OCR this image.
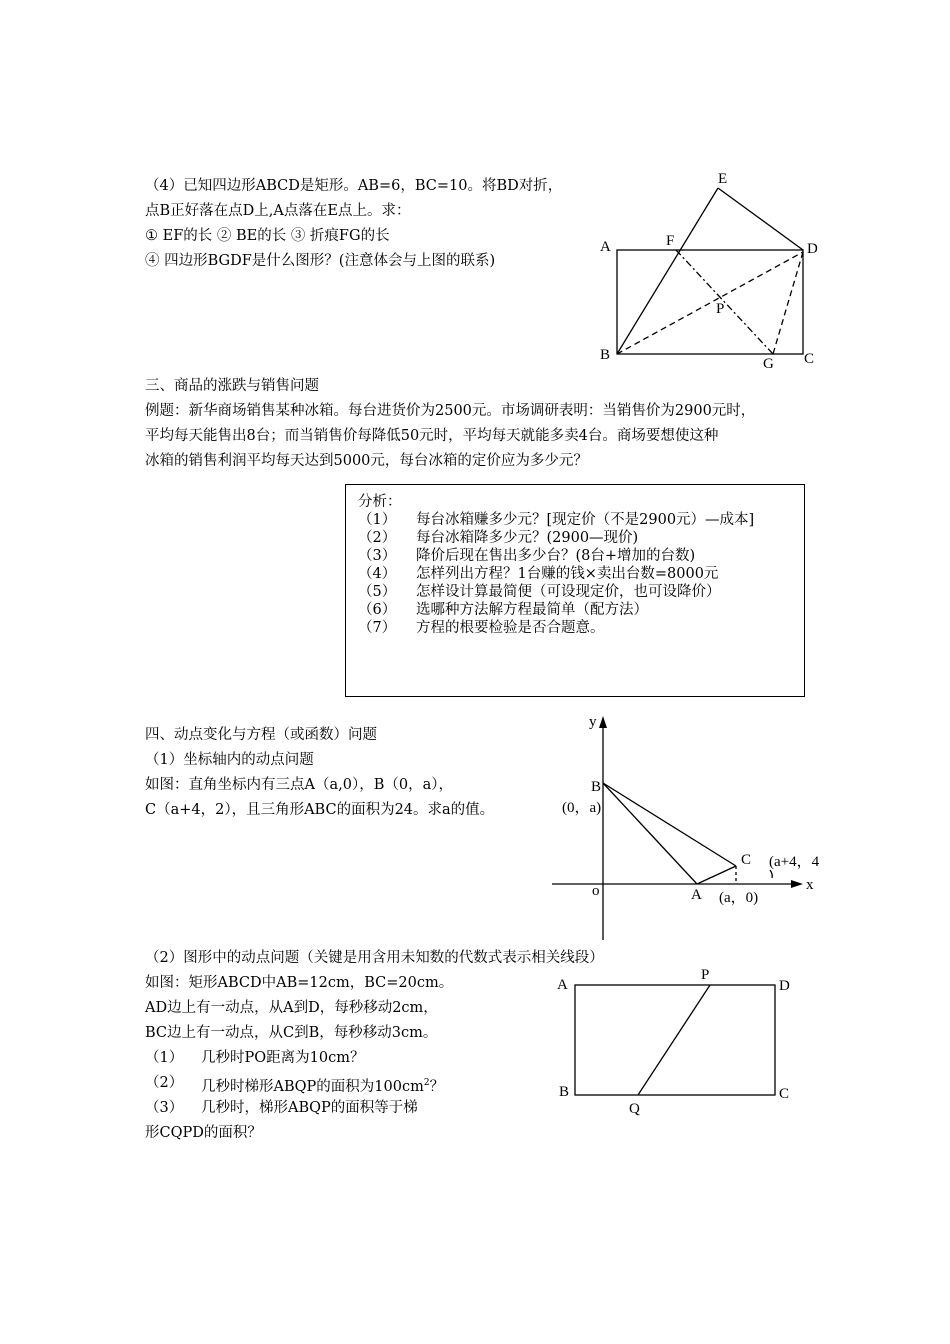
（4）已知四边形ABCD是矩形。AB=6，BC=10。将BD对折，
点B正好落在点D上,A点落在E点上。求：
① EF的长 ② BE的长 ③ 折痕FG的长
④ 四边形BGDF是什么图形？(注意体会与上图的联系)
E
A	F	D
P
B
G C
三、商品的涨跌与销售问题
例题：新华商场销售某种冰箱。每台进货价为2500元。市场调研表明：当销售价为2900元时，
平均每天能售出8台；而当销售价每降低50元时，平均每天就能多卖4台。商场要想使这种
冰箱的销售利润平均每天达到5000元，每台冰箱的定价应为多少元？
分析：
（1） 每台冰箱赚多少元？[现定价（不是2900元）—成本]
（2） 每台冰箱降多少元？(2900—现价)
（3） 降价后现在售出多少台？(8台+增加的台数)
（4） 怎样列出方程？1台赚的钱×卖出台数=8000元
（5） 怎样设计算最简便（可设现定价，也可设降价）
（6） 选哪种方法解方程最简单（配方法）
（7） 方程的根要检验是否合题意。
四、动点变化与方程（或函数）问题
（1）坐标轴内的动点问题
如图：直角坐标内有三点A（a,0），B（0，a），
C（a+4，2），且三角形ABC的面积为24。求a的值。
y
x
o
B
(0，a)
C (a+4，4
A (a，0)
（2）图形中的动点问题（关键是用含用未知数的代数式表示相关线段）
如图：矩形ABCD中AB=12cm，BC=20cm。
AD边上有一动点，从A到D，每秒移动2cm，
BC边上有一动点，从C到B，每秒移动3cm。
（1） 几秒时PO距离为10cm？
（2） 几秒时梯形ABQP的面积为$100cm^2$？
（3） 几秒时，梯形ABQP的面积等于梯
形CQPD的面积？
A
P
D
B
Q
C
